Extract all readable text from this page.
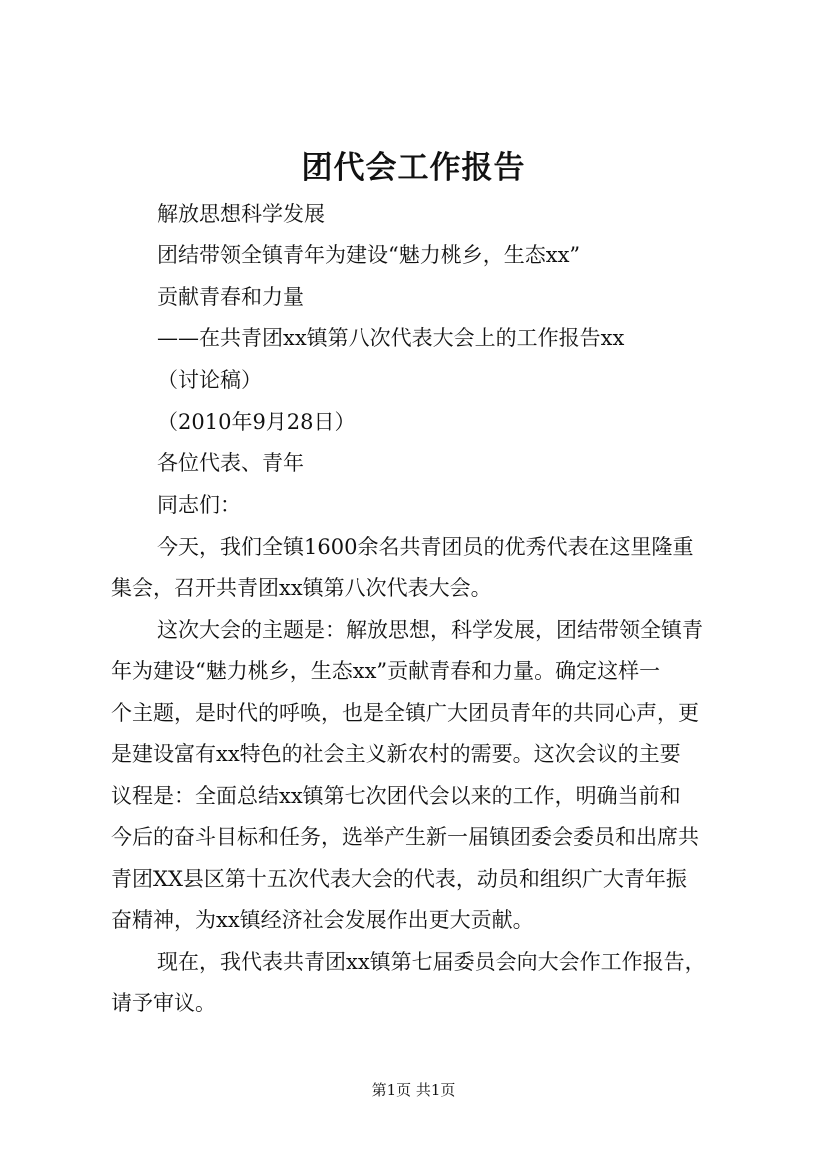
团代会工作报告
解放思想科学发展
团结带领全镇青年为建设“魅力桃乡，生态xx”
贡献青春和力量
——在共青团xx镇第八次代表大会上的工作报告xx
（讨论稿）
（2010年9月28日）
各位代表、青年
同志们：
今天，我们全镇1600余名共青团员的优秀代表在这里隆重
集会，召开共青团xx镇第八次代表大会。
这次大会的主题是：解放思想，科学发展，团结带领全镇青
年为建设“魅力桃乡，生态xx”贡献青春和力量。确定这样一
个主题，是时代的呼唤，也是全镇广大团员青年的共同心声，更
是建设富有xx特色的社会主义新农村的需要。这次会议的主要
议程是：全面总结xx镇第七次团代会以来的工作，明确当前和
今后的奋斗目标和任务，选举产生新一届镇团委会委员和出席共
青团XX县区第十五次代表大会的代表，动员和组织广大青年振
奋精神，为xx镇经济社会发展作出更大贡献。
现在，我代表共青团xx镇第七届委员会向大会作工作报告，
请予审议。
第1页 共1页
